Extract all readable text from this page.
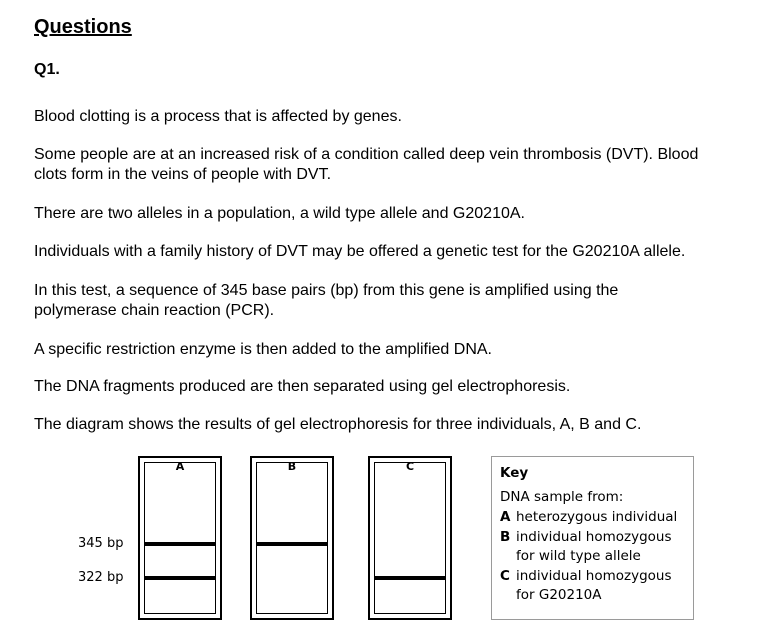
Questions
Q1.

Blood clotting is a process that is affected by genes.

Some people are at an increased risk of a condition called deep vein thrombosis (DVT). Blood clots form in the veins of people with DVT.

There are two alleles in a population, a wild type allele and G20210A.

Individuals with a family history of DVT may be offered a genetic test for the G20210A allele.

In this test, a sequence of 345 base pairs (bp) from this gene is amplified using the polymerase chain reaction (PCR).

A specific restriction enzyme is then added to the amplified DNA.

The DNA fragments produced are then separated using gel electrophoresis.

The diagram shows the results of gel electrophoresis for three individuals, A, B and C.

A	B	C
345 bp
322 bp
Key
DNA sample from:
A heterozygous individual
B individual homozygous for wild type allele
C individual homozygous for G20210A
